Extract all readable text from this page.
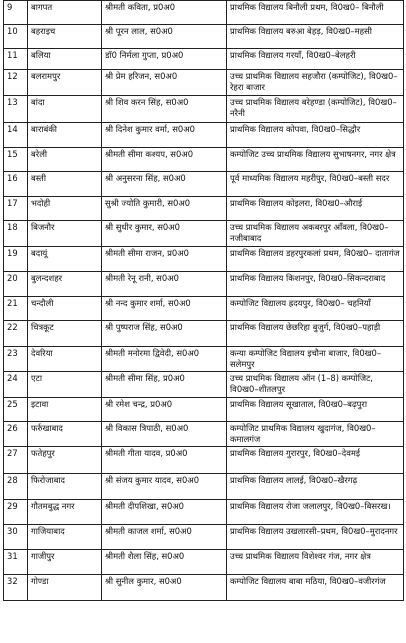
9	बागपत	श्रीमती कविता, प्र0अ0	प्राथमिक विद्यालय बिनौली प्रथम, वि0ख0– बिनौली
10	बहराइच	श्री पूरन लाल, स0अ0	प्राथमिक विद्यालय बरुआ बेहड़, वि0ख0–महसी
11	बलिया	डॉ0 निर्मला गुप्ता, प्र0अ0	प्राथमिक विद्यालय गरयाँ, वि0ख0–बेलहरी
12	बलरामपुर	श्री प्रेम हरिजन, स0अ0	उच्च प्राथमिक विद्यालय सहजौरा (कम्पोजिट), वि0ख0–रेहरा बाजार
13	बांदा	श्री शिव करन सिंह, स0अ0	उच्च प्राथमिक विद्यालय बरेहण्डा (कम्पोजिट), वि0ख0–नरैनी
14	बाराबंकी	श्री दिनेश कुमार वर्मा, स0अ0	प्राथमिक विद्यालय कोपवा, वि0ख0–सिद्धौर
15	बरेली	श्रीमती सीमा कश्यप, स0अ0	कम्पोजिट उच्च प्राथमिक विद्यालय सुभाषनगर, नगर क्षेत्र
16	बस्ती	श्री अनुसरना सिंह, स0अ0	पूर्व माध्यमिक विद्यालय महरीपुर, वि0ख0–बस्ती सदर
17	भदोही	सुश्री ज्योति कुमारी, स0अ0	प्राथमिक विद्यालय कोइलरा, वि0ख0–औराई
18	बिजनौर	श्री सुधीर कुमार, स0अ0	उच्च प्राथमिक विद्यालय अकबरपुर आँवला, वि0ख0–नजीबाबाद
19	बदायूं	श्रीमती सीमा राजन, प्र0अ0	प्राथमिक विद्यालय डहरपुरकलां प्रथम, वि0ख0– दातागंज
20	बुलन्दशहर	श्रीमती रेनू रानी, स0अ0	प्राथमिक विद्यालय किशनपुर, वि0ख0–सिकन्दराबाद
21	चन्दौली	श्री नन्द कुमार शर्मा, स0अ0	कम्पोजिट विद्यालय ह्रदयपुर, वि0ख0– चहनियाँ
22	चित्रकूट	श्री पुष्पराज सिंह, स0अ0	प्राथमिक विद्यालय छेछरिहा बुजुर्ग, वि0ख0–पहाड़ी
23	देवरिया	श्रीमती मनोरमा द्विवेदी, स0अ0	कन्या कम्पोजिट विद्यालय इचौना बाजार, वि0ख0–सलेमपुर
24	एटा	श्रीमती सीमा सिंह, प्र0अ0	उच्च प्राथमिक विद्यालय ऑन (1–8) कम्पोजिट, वि0ख0–शीतलपुर
25	इटावा	श्री रमेश चन्द्र, प्र0अ0	प्राथमिक विद्यालय सूखाताल, वि0ख0–बढ़पुरा
26	फर्रुखाबाद	श्री विकास त्रिपाठी, स0अ0	कम्पोजिट प्राथमिक विद्यालय खुदागंज, वि0ख0–कमालगंज
27	फतेहपुर	श्रीमती गीता यादव, प्र0अ0	प्राथमिक विद्यालय गुरारपुर, वि0ख0–देवमई
28	फिरोजाबाद	श्री संजय कुमार यादव, स0अ0	प्राथमिक विद्यालय लालई, वि0ख0–खैरगढ़
29	गौतमबुद्ध नगर	श्रीमती दीपशिखा, स0अ0	प्राथमिक विद्यालय रोजा जलालपुर, वि0ख0–बिसरख।
30	गाजियाबाद	श्रीमती काजल शर्मा, स0अ0	प्राथमिक विद्यालय उखलारसी–प्रथम, वि0ख0–मुरादनगर
31	गाजीपुर	श्रीमती शैला सिंह, स0अ0	उच्च प्राथमिक विद्यालय विशेश्वर गंज, नगर क्षेत्र
32	गोण्डा	श्री सुनील कुमार, स0अ0	कम्पोजिट विद्यालय बाबा मठिया, वि0ख0–वजीरगंज
